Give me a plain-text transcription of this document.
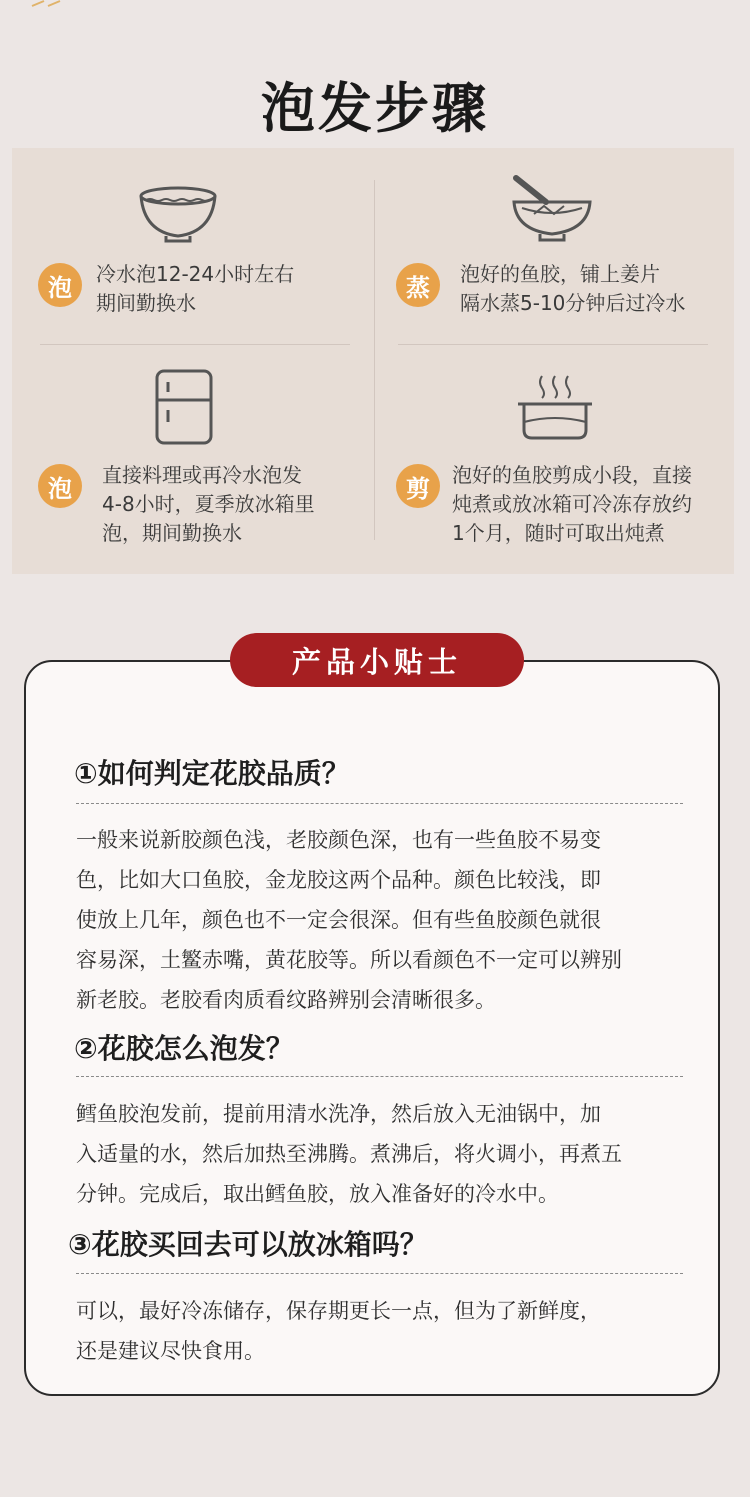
泡发步骤
泡	冷水泡12-24小时左右
期间勤换水
蒸	泡好的鱼胶，铺上姜片
隔水蒸5-10分钟后过冷水
泡	直接料理或再冷水泡发
4-8小时，夏季放冰箱里
泡，期间勤换水
剪	泡好的鱼胶剪成小段，直接
炖煮或放冰箱可冷冻存放约
1个月，随时可取出炖煮
产品小贴士
①如何判定花胶品质？
一般来说新胶颜色浅，老胶颜色深，也有一些鱼胶不易变
色，比如大口鱼胶，金龙胶这两个品种。颜色比较浅，即
使放上几年，颜色也不一定会很深。但有些鱼胶颜色就很
容易深，土鳘赤嘴，黄花胶等。所以看颜色不一定可以辨别
新老胶。老胶看肉质看纹路辨别会清晰很多。
②花胶怎么泡发？
鳕鱼胶泡发前，提前用清水洗净，然后放入无油锅中，加
入适量的水，然后加热至沸腾。煮沸后，将火调小，再煮五
分钟。完成后，取出鳕鱼胶，放入准备好的冷水中。
③花胶买回去可以放冰箱吗？
可以，最好冷冻储存，保存期更长一点，但为了新鲜度，
还是建议尽快食用。
